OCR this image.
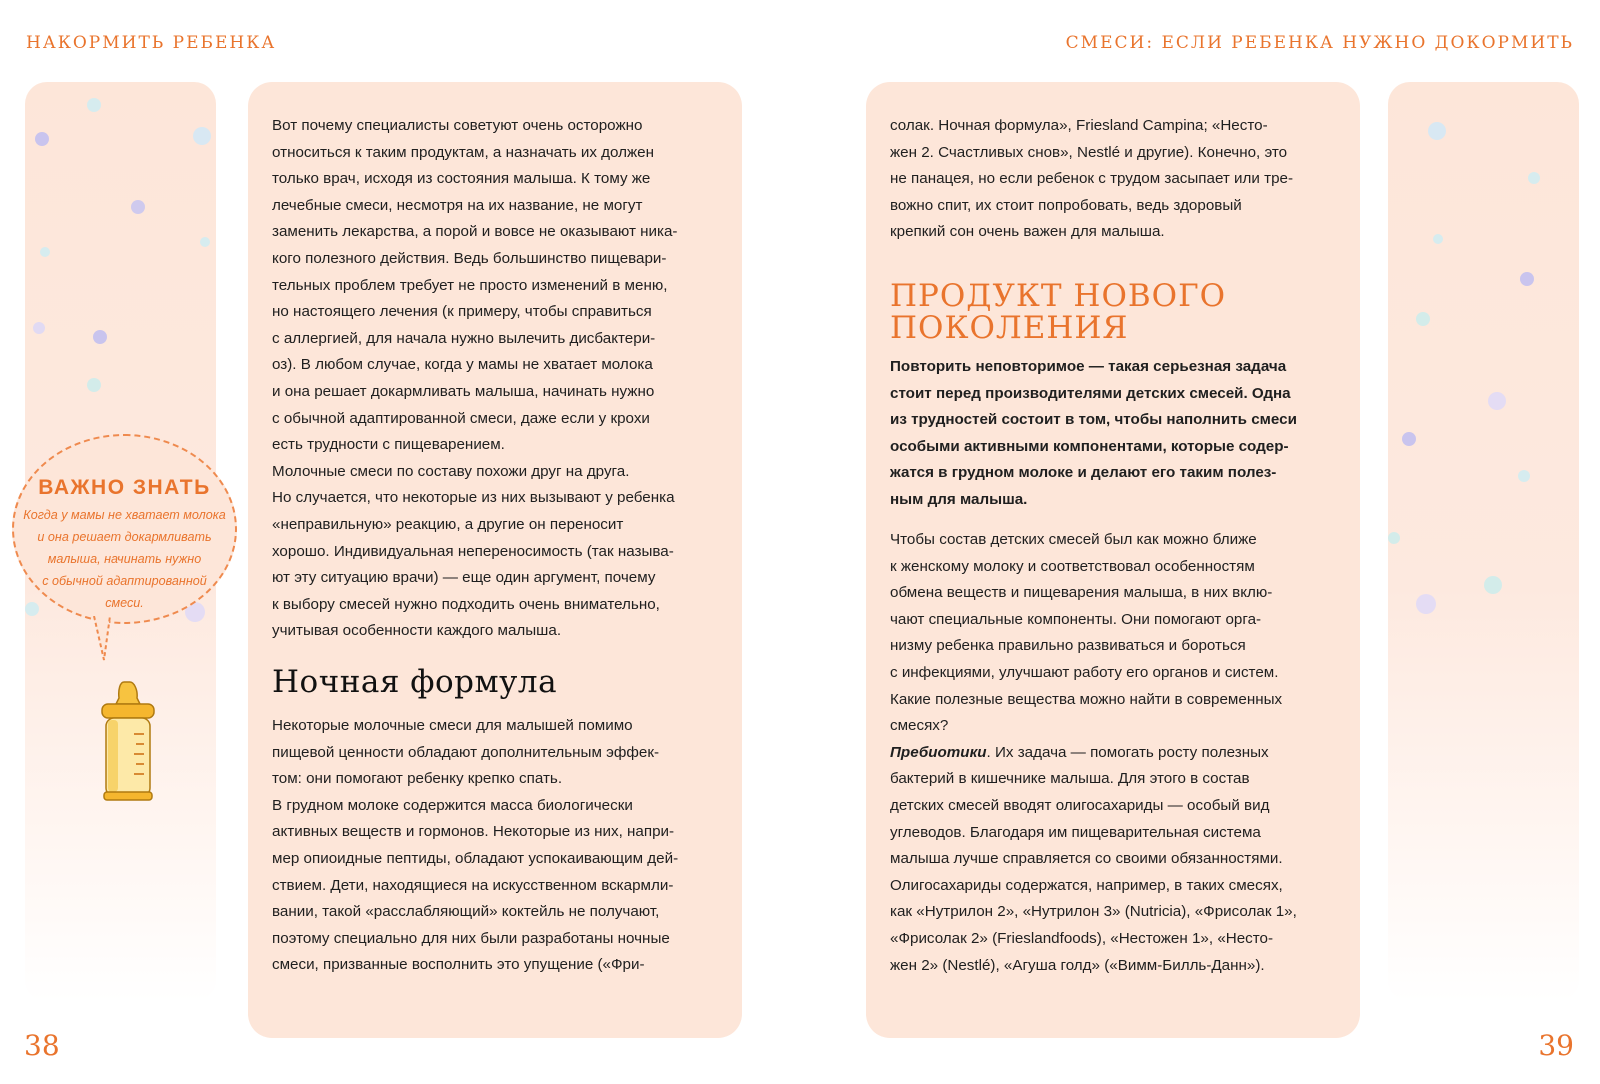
НАКОРМИТЬ РЕБЕНКА	СМЕСИ: ЕСЛИ РЕБЕНКА НУЖНО ДОКОРМИТЬ
ВАЖНО ЗНАТЬ
Когда у мамы не хватает молока
и она решает докармливать
малыша, начинать нужно
с обычной адаптированной
смеси.

Вот почему специалисты советуют очень осторожно

относиться к таким продуктам, а назначать их должен

только врач, исходя из состояния малыша. К тому же

лечебные смеси, несмотря на их название, не могут

заменить лекарства, а порой и вовсе не оказывают ника-

кого полезного действия. Ведь большинство пищевари-

тельных проблем требует не просто изменений в меню,

но настоящего лечения (к примеру, чтобы справиться

с аллергией, для начала нужно вылечить дисбактери-

оз). В любом случае, когда у мамы не хватает молока

и она решает докармливать малыша, начинать нужно

с обычной адаптированной смеси, даже если у крохи

есть трудности с пищеварением.

Молочные смеси по составу похожи друг на друга.

Но случается, что некоторые из них вызывают у ребенка

«неправильную» реакцию, а другие он переносит

хорошо. Индивидуальная непереносимость (так называ-

ют эту ситуацию врачи) — еще один аргумент, почему

к выбору смесей нужно подходить очень внимательно,

учитывая особенности каждого малыша.

Ночная формула

Некоторые молочные смеси для малышей помимо

пищевой ценности обладают дополнительным эффек-

том: они помогают ребенку крепко спать.

В грудном молоке содержится масса биологически

активных веществ и гормонов. Некоторые из них, напри-

мер опиоидные пептиды, обладают успокаивающим дей-

ствием. Дети, находящиеся на искусственном вскармли-

вании, такой «расслабляющий» коктейль не получают,

поэтому специально для них были разработаны ночные

смеси, призванные восполнить это упущение («Фри-

солак. Ночная формула», Friesland Campina; «Несто-

жен 2. Счастливых снов», Nestlé и другие). Конечно, это

не панацея, но если ребенок с трудом засыпает или тре-

вожно спит, их стоит попробовать, ведь здоровый

крепкий сон очень важен для малыша.

ПРОДУКТ НОВОГО
ПОКОЛЕНИЯ

Повторить неповторимое — такая серьезная задача

стоит перед производителями детских смесей. Одна

из трудностей состоит в том, чтобы наполнить смеси

особыми активными компонентами, которые содер-

жатся в грудном молоке и делают его таким полез-

ным для малыша.

Чтобы состав детских смесей был как можно ближе

к женскому молоку и соответствовал особенностям

обмена веществ и пищеварения малыша, в них вклю-

чают специальные компоненты. Они помогают орга-

низму ребенка правильно развиваться и бороться

с инфекциями, улучшают работу его органов и систем.

Какие полезные вещества можно найти в современных

смесях?

Пребиотики. Их задача — помогать росту полезных

бактерий в кишечнике малыша. Для этого в состав

детских смесей вводят олигосахариды — особый вид

углеводов. Благодаря им пищеварительная система

малыша лучше справляется со своими обязанностями.

Олигосахариды содержатся, например, в таких смесях,

как «Нутрилон 2», «Нутрилон 3» (Nutricia), «Фрисолак 1»,

«Фрисолак 2» (Frieslandfoods), «Нестожен 1», «Несто-

жен 2» (Nestlé), «Агуша голд» («Вимм-Билль-Данн»).

38	39
